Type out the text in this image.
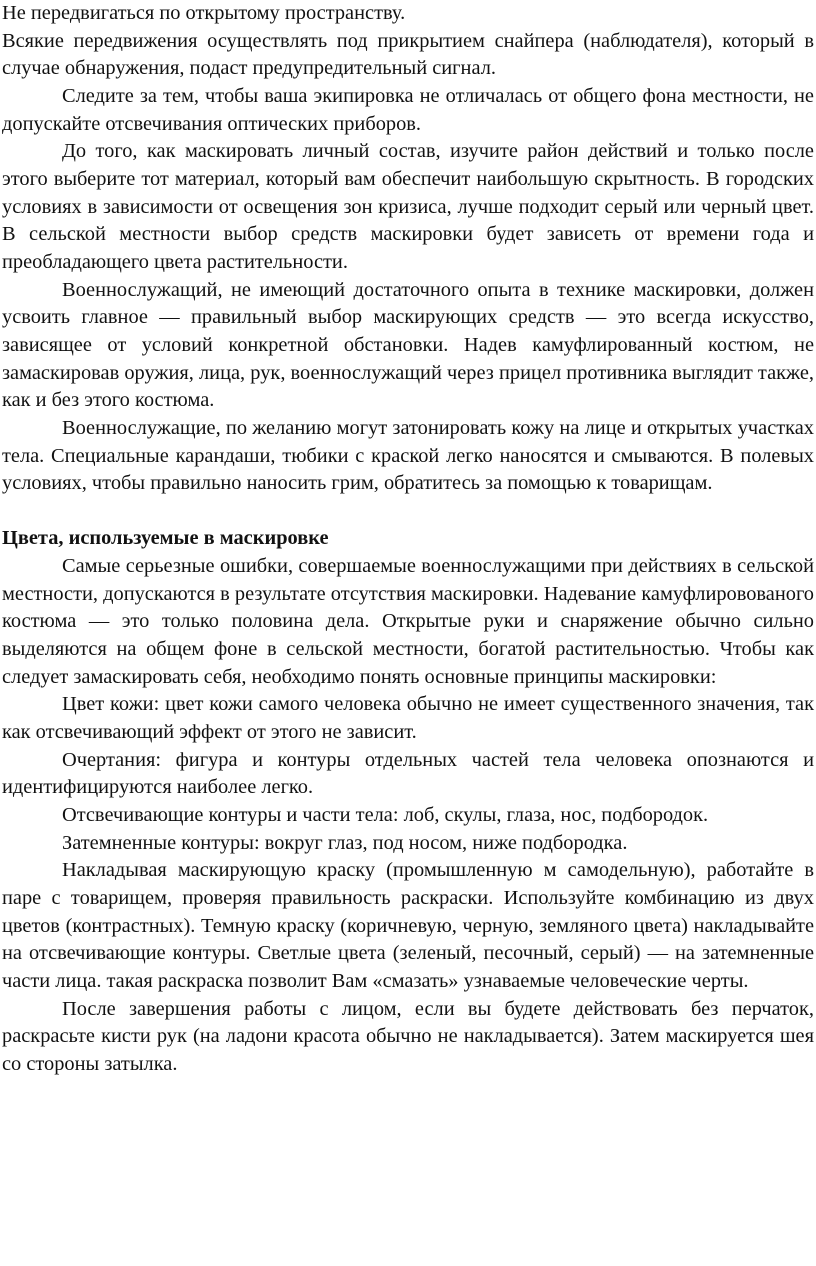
Не передвигаться по открытому пространству.

Всякие передвижения осуществлять под прикрытием снайпера (наблюдателя), который в случае обнаружения, подаст предупредительный сигнал.

Следите за тем, чтобы ваша экипировка не отличалась от общего фона местности, не допускайте отсвечивания оптических приборов.

До того, как маскировать личный состав, изучите район действий и только после этого выберите тот материал, который вам обеспечит наибольшую скрытность. В городских условиях в зависимости от освещения зон кризиса, лучше подходит серый или черный цвет. В сельской местности выбор средств маскировки будет зависеть от времени года и преобладающего цвета растительности.

Военнослужащий, не имеющий достаточного опыта в технике маскировки, должен усвоить главное — правильный выбор маскирующих средств — это всегда искусство, зависящее от условий конкретной обстановки. Надев камуфлированный костюм, не замаскировав оружия, лица, рук, военнослужащий через прицел противника выглядит также, как и без этого костюма.

Военнослужащие, по желанию могут затонировать кожу на лице и открытых участках тела. Специальные карандаши, тюбики с краской легко наносятся и смываются. В полевых условиях, чтобы правильно наносить грим, обратитесь за помощью к товарищам.

Цвета, используемые в маскировке

Самые серьезные ошибки, совершаемые военнослужащими при действиях в сельской местности, допускаются в результате отсутствия маскировки. Надевание камуфлировованого костюма — это только половина дела. Открытые руки и снаряжение обычно сильно выделяются на общем фоне в сельской местности, богатой растительностью. Чтобы как следует замаскировать себя, необходимо понять основные принципы маскировки:

Цвет кожи: цвет кожи самого человека обычно не имеет существенного значения, так как отсвечивающий эффект от этого не зависит.

Очертания: фигура и контуры отдельных частей тела человека опознаются и идентифицируются наиболее легко.

Отсвечивающие контуры и части тела: лоб, скулы, глаза, нос, подбородок.

Затемненные контуры: вокруг глаз, под носом, ниже подбородка.

Накладывая маскирующую краску (промышленную м самодельную), работайте в паре с товарищем, проверяя правильность раскраски. Используйте комбинацию из двух цветов (контрастных). Темную краску (коричневую, черную, земляного цвета) накладывайте на отсвечивающие контуры. Светлые цвета (зеленый, песочный, серый) — на затемненные части лица. такая раскраска позволит Вам «смазать» узнаваемые человеческие черты.

После завершения работы с лицом, если вы будете действовать без перчаток, раскрасьте кисти рук (на ладони красота обычно не накладывается). Затем маскируется шея со стороны затылка.
